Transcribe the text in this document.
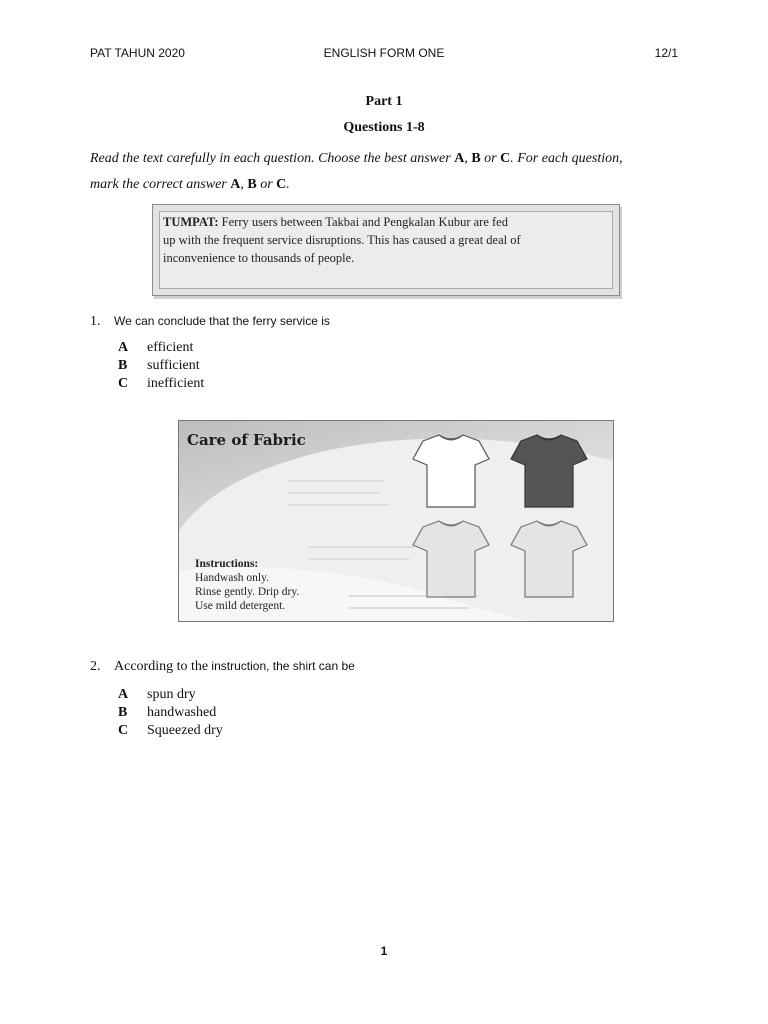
PAT TAHUN 2020	ENGLISH FORM ONE	12/1
Part 1
Questions 1-8
Read the text carefully in each question. Choose the best answer A, B or C. For each question,
mark the correct answer A, B or C.
TUMPAT: Ferry users between Takbai and Pengkalan Kubur are fed
up with the frequent service disruptions. This has caused a great deal of
inconvenience to thousands of people.
1. We can conclude that the ferry service is
A efficient
B sufficient
C inefficient
Care of Fabric
Instructions:
Handwash only.
Rinse gently. Drip dry.
Use mild detergent.
2. According to the instruction, the shirt can be
A spun dry
B handwashed
C Squeezed dry
1
